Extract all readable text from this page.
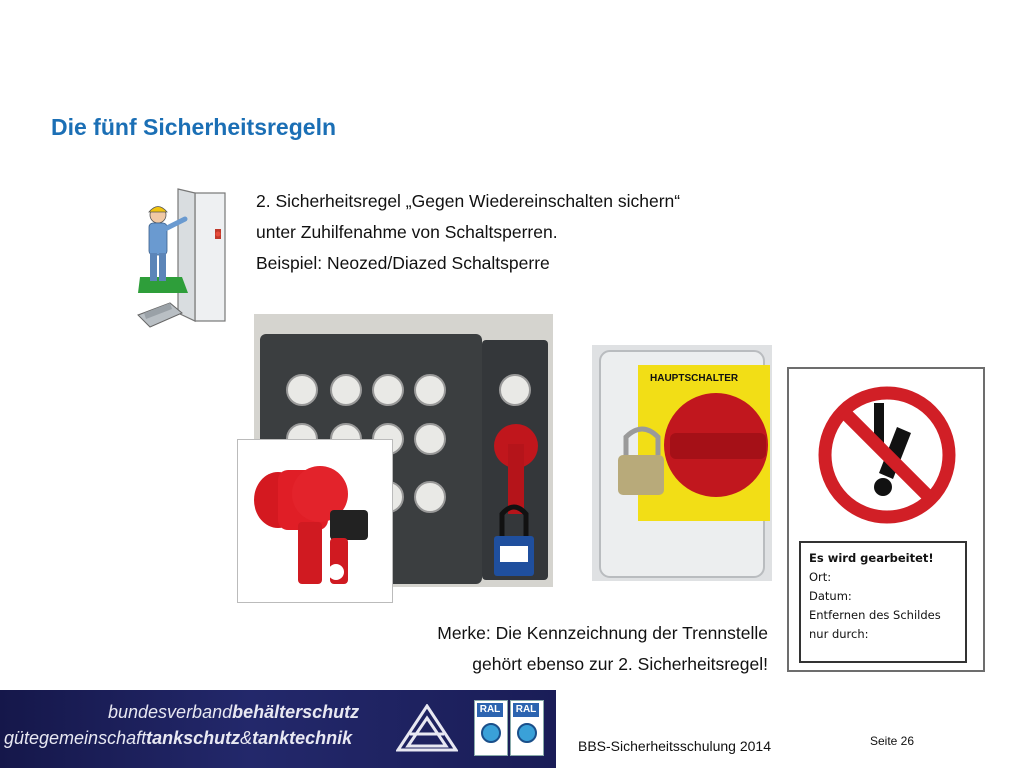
Die fünf Sicherheitsregeln
2. Sicherheitsregel „Gegen Wiedereinschalten sichern“
unter Zuhilfenahme von Schaltsperren.
Beispiel: Neozed/Diazed Schaltsperre
HAUPTSCHALTER
Es wird gearbeitet!
Ort:
Datum:
Entfernen des Schildes
nur durch:
Merke: Die Kennzeichnung der Trennstelle
gehört ebenso zur 2. Sicherheitsregel!
bundesverbandbehälterschutz
gütegemeinschafttankschutz&tanktechnik
RAL RAL
BBS-Sicherheitsschulung 2014	Seite 26
